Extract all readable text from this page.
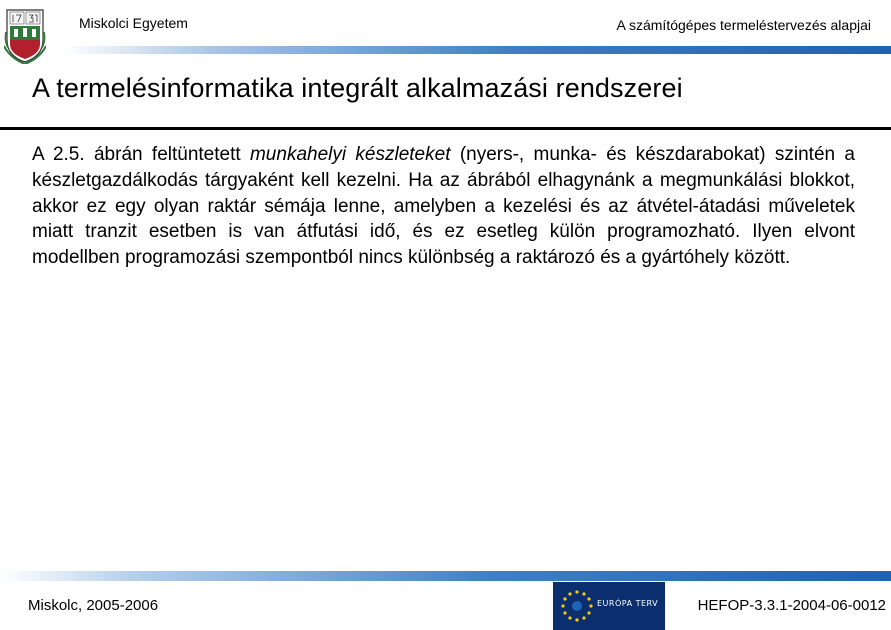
Miskolci Egyetem	A számítógépes termeléstervezés alapjai
A termelésinformatika integrált alkalmazási rendszerei

A 2.5. ábrán feltüntetett munkahelyi készleteket (nyers-, munka- és készdarabokat) szintén a készletgazdálkodás tárgyaként kell kezelni. Ha az ábrából elhagynánk a megmunkálási blokkot, akkor ez egy olyan raktár sémája lenne, amelyben a kezelési és az átvétel-átadási műveletek miatt tranzit esetben is van átfutási idő, és ez esetleg külön programozható. Ilyen elvont modellben programozási szempontból nincs különbség a raktározó és a gyártóhely között.

Miskolc, 2005-2006	EURÓPA TERV	HEFOP-3.3.1-2004-06-0012
